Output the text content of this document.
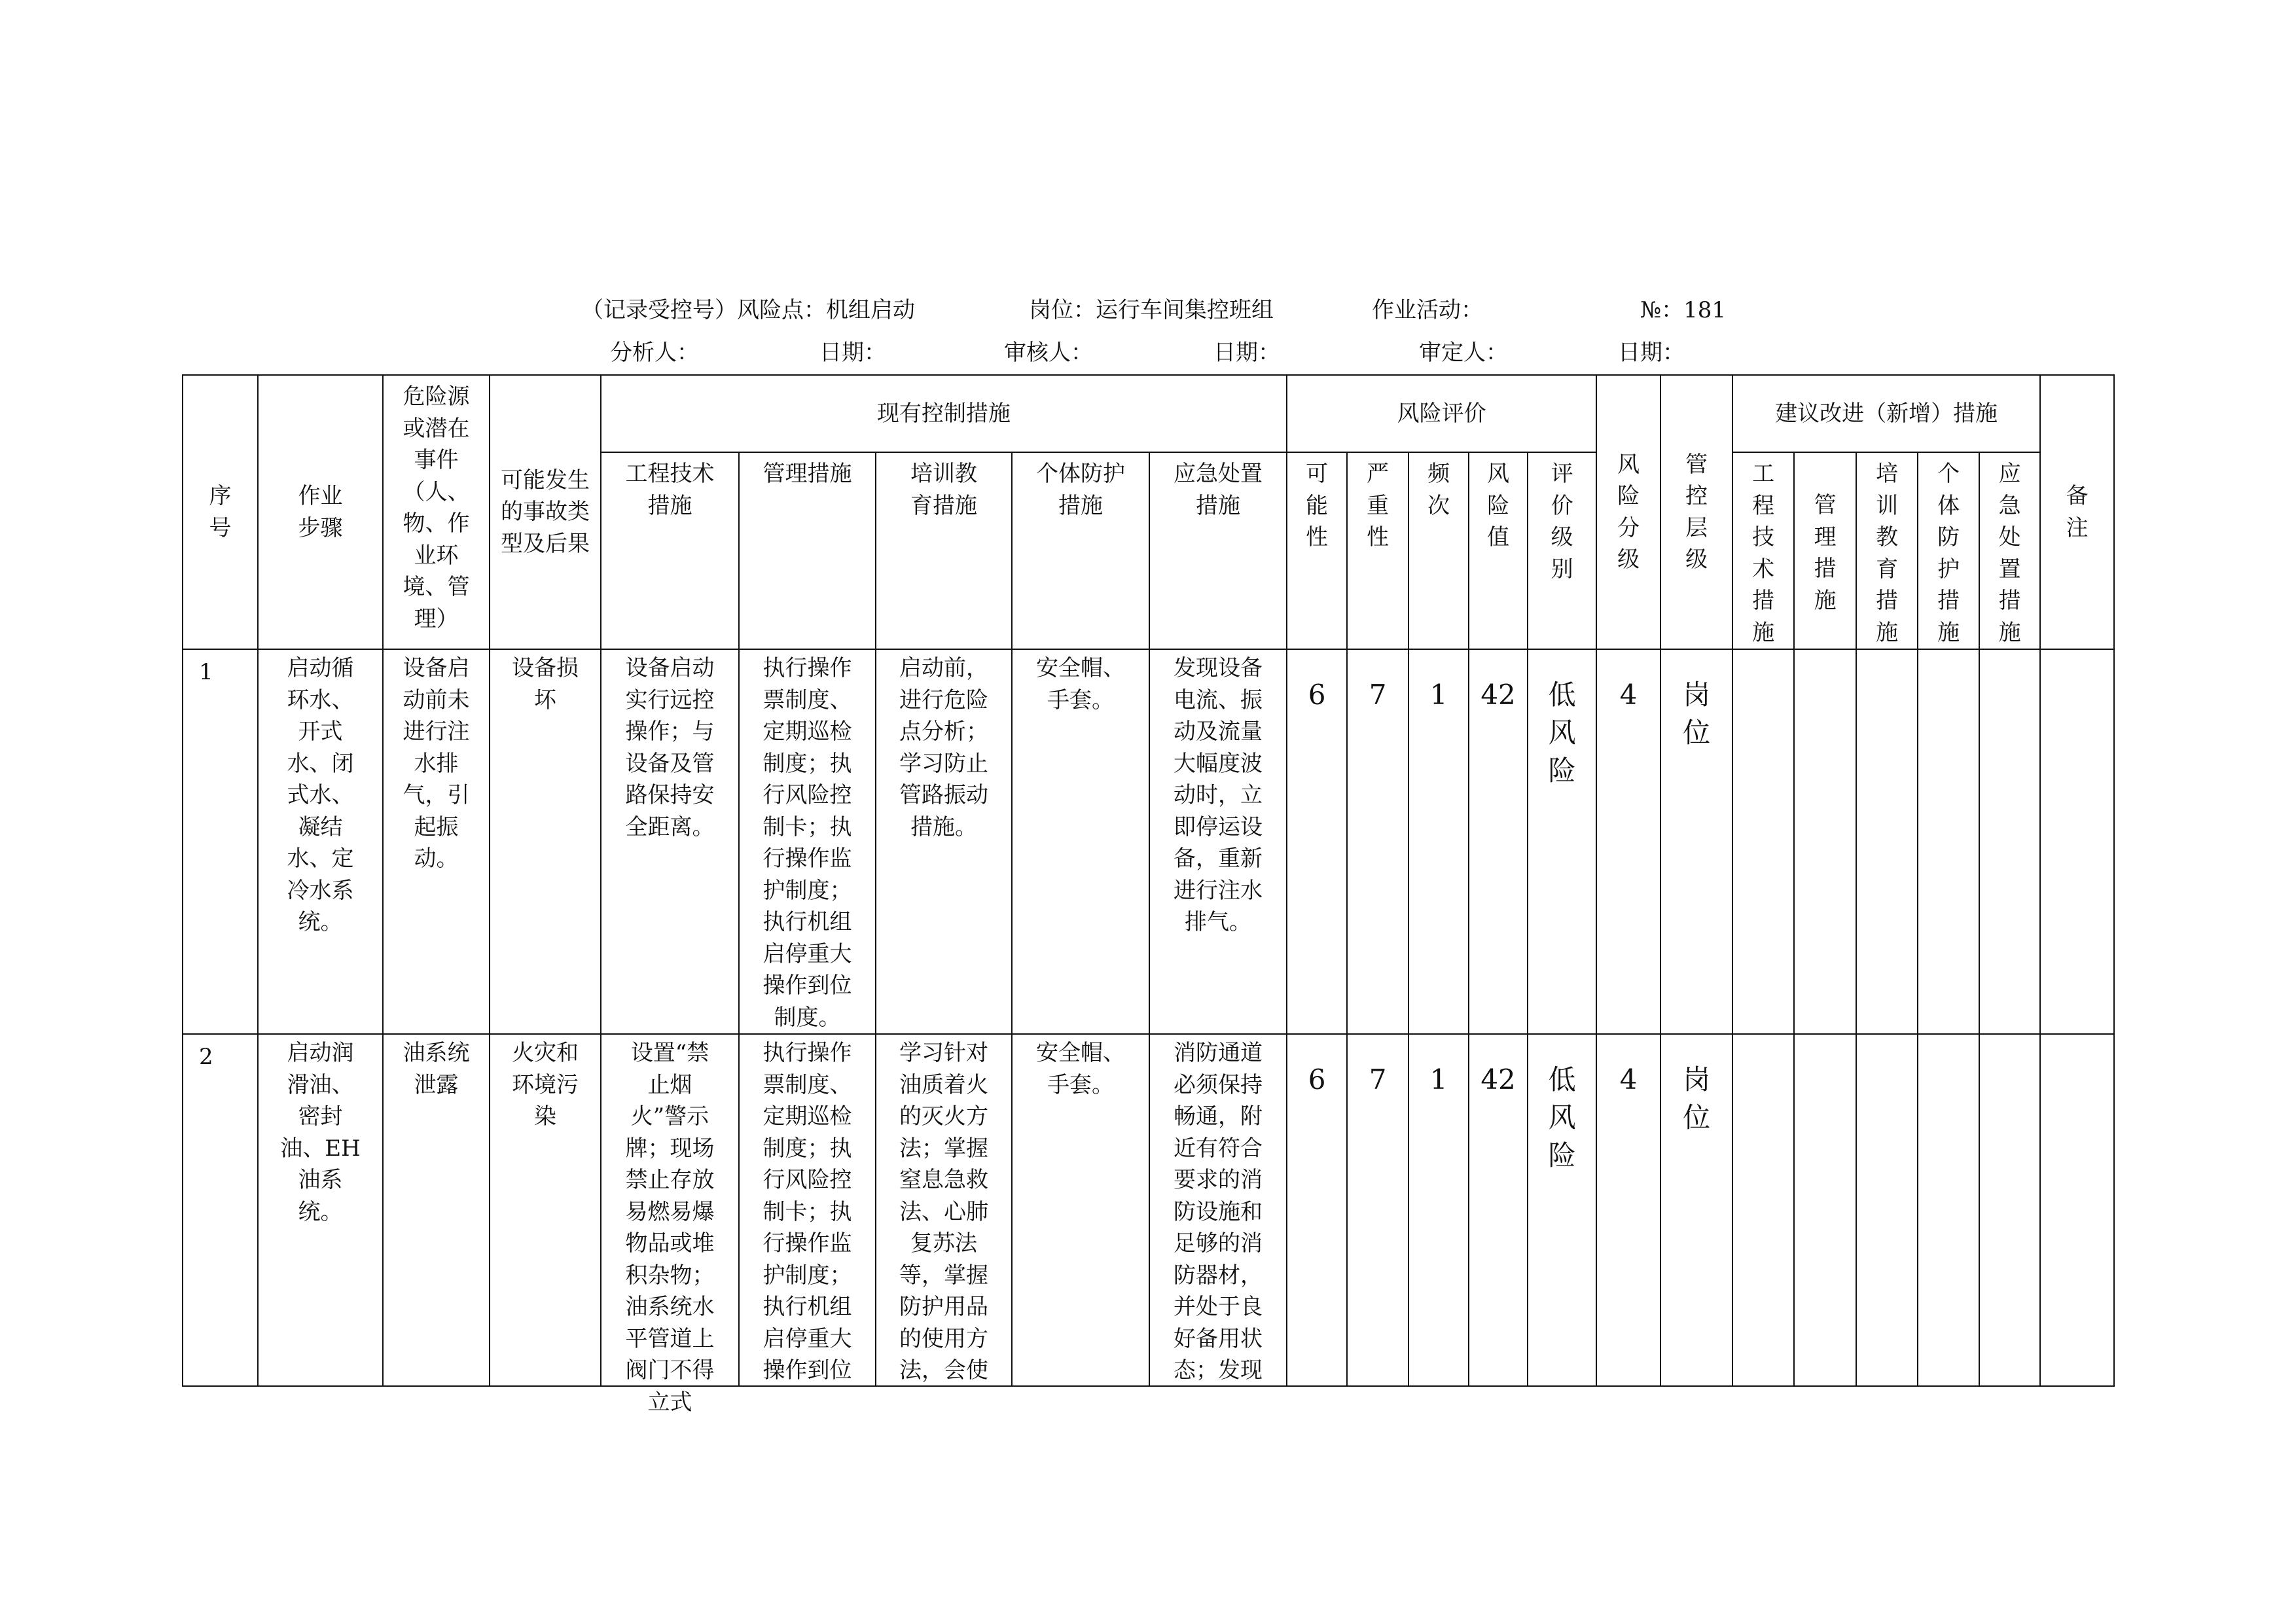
（记录受控号）风险点：机组启动	岗位：运行车间集控班组	作业活动：	№：181
分析人：	日期：	审核人：	日期：	审定人：	日期：
序号	作业步骤	危险源或潜在事件（人、物、作业环境、管理）	可能发生的事故类型及后果	现有控制措施					风险评价					风险分级	管控层级	建议改进（新增）措施					备注

				工程技术措施	管理措施	培训教育措施	个体防护措施	应急处置措施	可能性	严重性	频次	风险值	评价级别			工程技术措施	管理措施	培训教育措施	个体防护措施	应急处置措施	
1	启动循环水、开式水、闭式水、凝结水、定冷水系统。	设备启动前未进行注水排气，引起振动。	设备损坏	设备启动实行远控操作；与设备及管路保持安全距离。	执行操作票制度、定期巡检制度；执行风险控制卡；执行操作监护制度；执行机组启停重大操作到位制度。	启动前，进行危险点分析；学习防止管路振动措施。	安全帽、手套。	发现设备电流、振动及流量大幅度波动时，立即停运设备，重新进行注水排气。	6	7	1	42	低风险	4	岗位						
2	启动润滑油、密封油、EH油系统。	油系统泄露	火灾和环境污染	设置“禁止烟火”警示牌；现场禁止存放易燃易爆物品或堆积杂物；油系统水平管道上阀门不得立式	执行操作票制度、定期巡检制度；执行风险控制卡；执行操作监护制度；执行机组启停重大操作到位	学习针对油质着火的灭火方法；掌握窒息急救法、心肺复苏法等，掌握防护用品的使用方法，会使	安全帽、手套。	消防通道必须保持畅通，附近有符合要求的消防设施和足够的消防器材，并处于良好备用状态；发现	6	7	1	42	低风险	4	岗位						
